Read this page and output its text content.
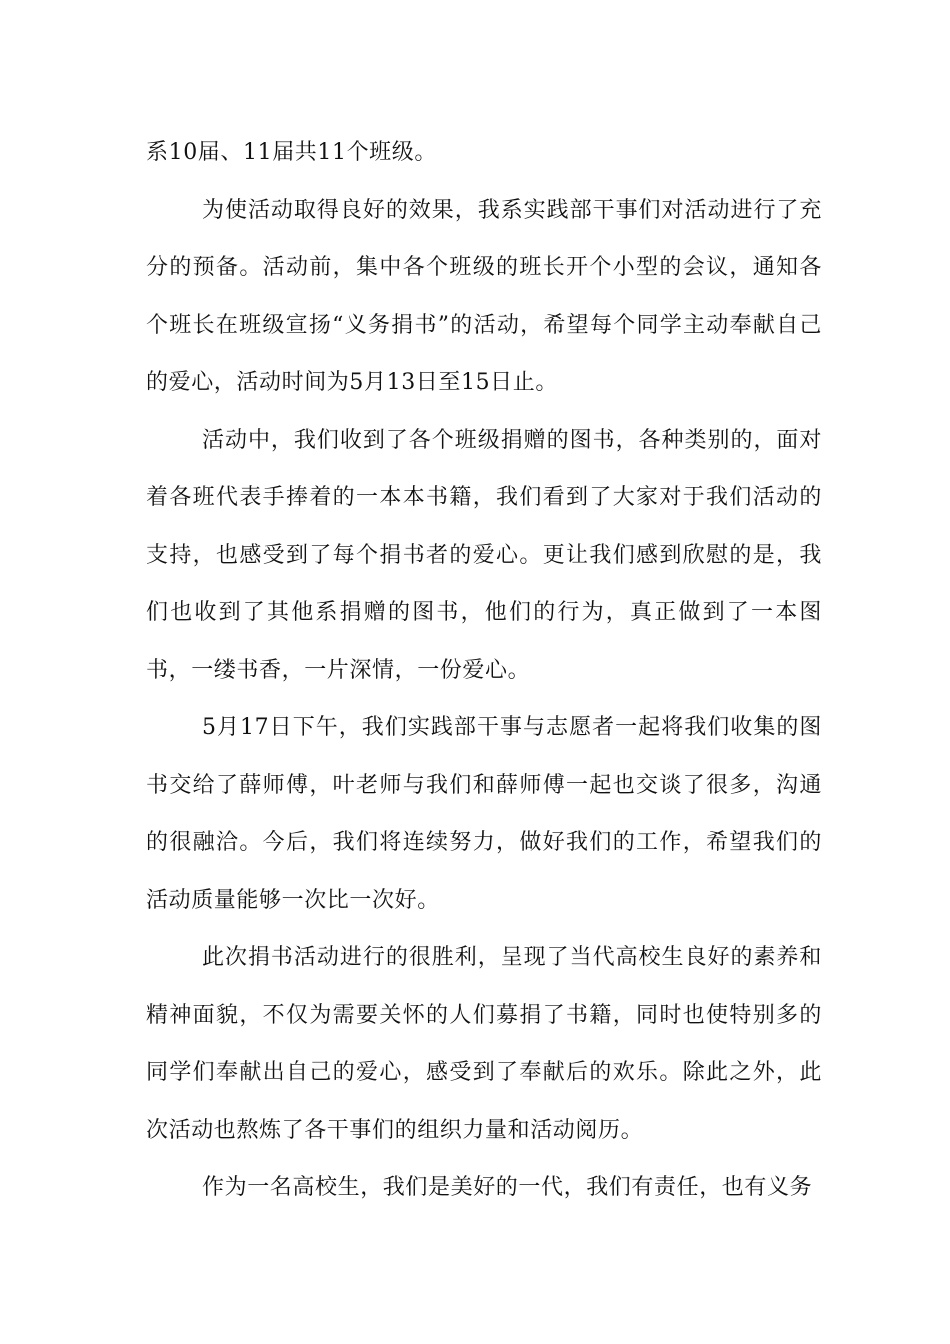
系10届、11届共11个班级。

为使活动取得良好的效果，我系实践部干事们对活动进行了充分的预备。活动前，集中各个班级的班长开个小型的会议，通知各个班长在班级宣扬“义务捐书”的活动，希望每个同学主动奉献自己的爱心，活动时间为5月13日至15日止。

活动中，我们收到了各个班级捐赠的图书，各种类别的，面对着各班代表手捧着的一本本书籍，我们看到了大家对于我们活动的支持，也感受到了每个捐书者的爱心。更让我们感到欣慰的是，我们也收到了其他系捐赠的图书，他们的行为，真正做到了一本图书，一缕书香，一片深情，一份爱心。

5月17日下午，我们实践部干事与志愿者一起将我们收集的图书交给了薛师傅，叶老师与我们和薛师傅一起也交谈了很多，沟通的很融洽。今后，我们将连续努力，做好我们的工作，希望我们的活动质量能够一次比一次好。

此次捐书活动进行的很胜利，呈现了当代高校生良好的素养和精神面貌，不仅为需要关怀的人们募捐了书籍，同时也使特别多的同学们奉献出自己的爱心，感受到了奉献后的欢乐。除此之外，此次活动也熬炼了各干事们的组织力量和活动阅历。

作为一名高校生，我们是美好的一代，我们有责任，也有义务
